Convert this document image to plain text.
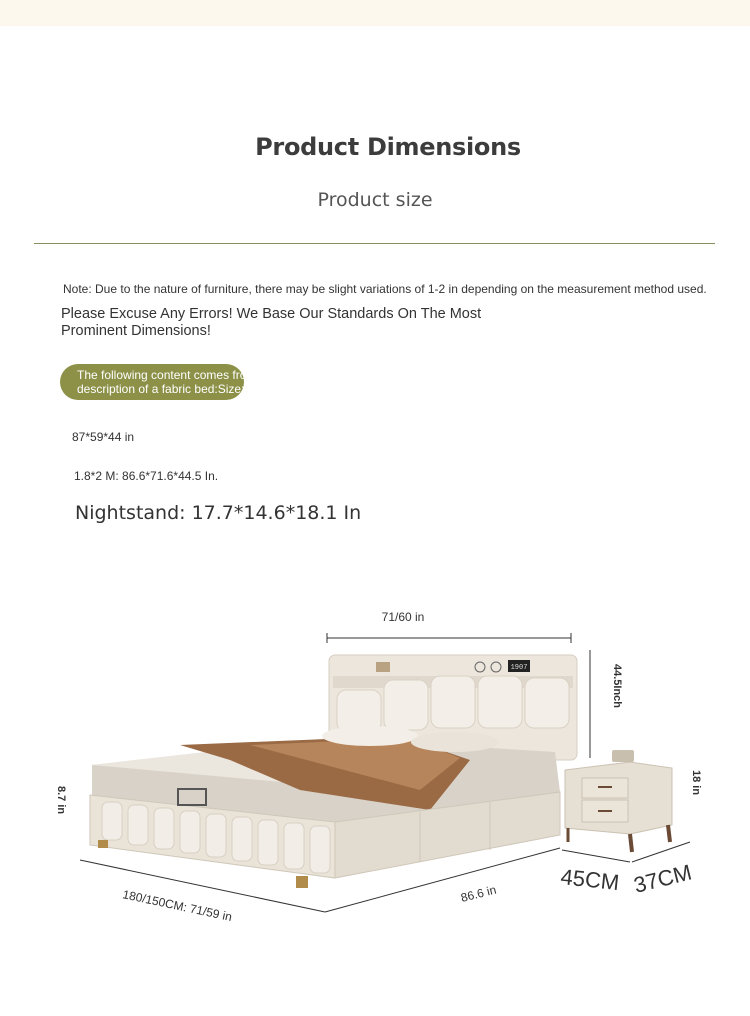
Product Dimensions
Product size
Note: Due to the nature of furniture, there may be slight variations of 1-2 in depending on the measurement method used.
Please Excuse Any Errors! We Base Our Standards On The Most Prominent Dimensions!
The following content comes from the
description of a fabric bed:Size:87*59
87*59*44 in
1.8*2 M: 86.6*71.6*44.5 In.
Nightstand: 17.7*14.6*18.1 In
1907
71/60 in
44.5Inch
8.7 in
180/150CM: 71/59 in	86.6 in
18 in
45CM 37CM
